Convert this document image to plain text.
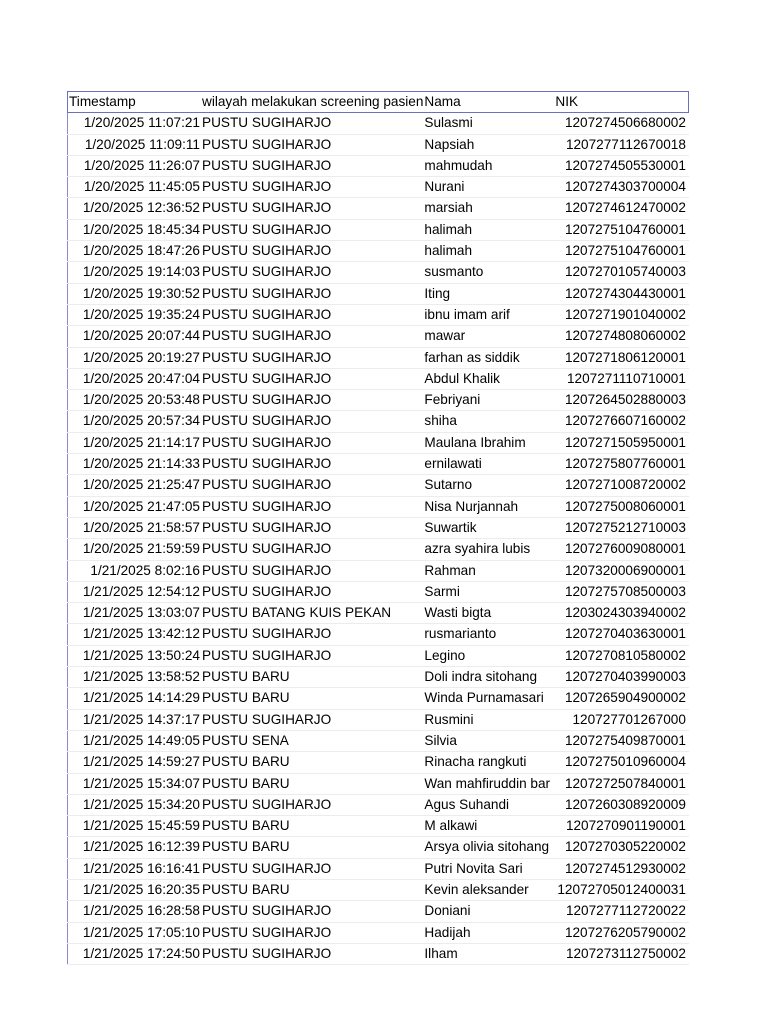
Timestamp	wilayah melakukan screening pasien	Nama	NIK
1/20/2025 11:07:21	PUSTU SUGIHARJO	Sulasmi	1207274506680002
1/20/2025 11:09:11	PUSTU SUGIHARJO	Napsiah	1207277112670018
1/20/2025 11:26:07	PUSTU SUGIHARJO	mahmudah	1207274505530001
1/20/2025 11:45:05	PUSTU SUGIHARJO	Nurani	1207274303700004
1/20/2025 12:36:52	PUSTU SUGIHARJO	marsiah	1207274612470002
1/20/2025 18:45:34	PUSTU SUGIHARJO	halimah	1207275104760001
1/20/2025 18:47:26	PUSTU SUGIHARJO	halimah	1207275104760001
1/20/2025 19:14:03	PUSTU SUGIHARJO	susmanto	1207270105740003
1/20/2025 19:30:52	PUSTU SUGIHARJO	Iting	1207274304430001
1/20/2025 19:35:24	PUSTU SUGIHARJO	ibnu imam arif	1207271901040002
1/20/2025 20:07:44	PUSTU SUGIHARJO	mawar	1207274808060002
1/20/2025 20:19:27	PUSTU SUGIHARJO	farhan as siddik	1207271806120001
1/20/2025 20:47:04	PUSTU SUGIHARJO	Abdul Khalik	1207271110710001
1/20/2025 20:53:48	PUSTU SUGIHARJO	Febriyani	1207264502880003
1/20/2025 20:57:34	PUSTU SUGIHARJO	shiha	1207276607160002
1/20/2025 21:14:17	PUSTU SUGIHARJO	Maulana Ibrahim	1207271505950001
1/20/2025 21:14:33	PUSTU SUGIHARJO	ernilawati	1207275807760001
1/20/2025 21:25:47	PUSTU SUGIHARJO	Sutarno	1207271008720002
1/20/2025 21:47:05	PUSTU SUGIHARJO	Nisa Nurjannah	1207275008060001
1/20/2025 21:58:57	PUSTU SUGIHARJO	Suwartik	1207275212710003
1/20/2025 21:59:59	PUSTU SUGIHARJO	azra syahira lubis	1207276009080001
1/21/2025 8:02:16	PUSTU SUGIHARJO	Rahman	1207320006900001
1/21/2025 12:54:12	PUSTU SUGIHARJO	Sarmi	1207275708500003
1/21/2025 13:03:07	PUSTU BATANG KUIS PEKAN	Wasti bigta	1203024303940002
1/21/2025 13:42:12	PUSTU SUGIHARJO	rusmarianto	1207270403630001
1/21/2025 13:50:24	PUSTU SUGIHARJO	Legino	1207270810580002
1/21/2025 13:58:52	PUSTU BARU	Doli indra sitohang	1207270403990003
1/21/2025 14:14:29	PUSTU BARU	Winda Purnamasari	1207265904900002
1/21/2025 14:37:17	PUSTU SUGIHARJO	Rusmini	120727701267000
1/21/2025 14:49:05	PUSTU SENA	Silvia	1207275409870001
1/21/2025 14:59:27	PUSTU BARU	Rinacha rangkuti	1207275010960004
1/21/2025 15:34:07	PUSTU BARU	Wan mahfiruddin bar	1207272507840001
1/21/2025 15:34:20	PUSTU SUGIHARJO	Agus Suhandi	1207260308920009
1/21/2025 15:45:59	PUSTU BARU	M alkawi	1207270901190001
1/21/2025 16:12:39	PUSTU BARU	Arsya olivia sitohang	1207270305220002
1/21/2025 16:16:41	PUSTU SUGIHARJO	Putri Novita Sari	1207274512930002
1/21/2025 16:20:35	PUSTU BARU	Kevin aleksander	12072705012400031
1/21/2025 16:28:58	PUSTU SUGIHARJO	Doniani	1207277112720022
1/21/2025 17:05:10	PUSTU SUGIHARJO	Hadijah	1207276205790002
1/21/2025 17:24:50	PUSTU SUGIHARJO	Ilham	1207273112750002
